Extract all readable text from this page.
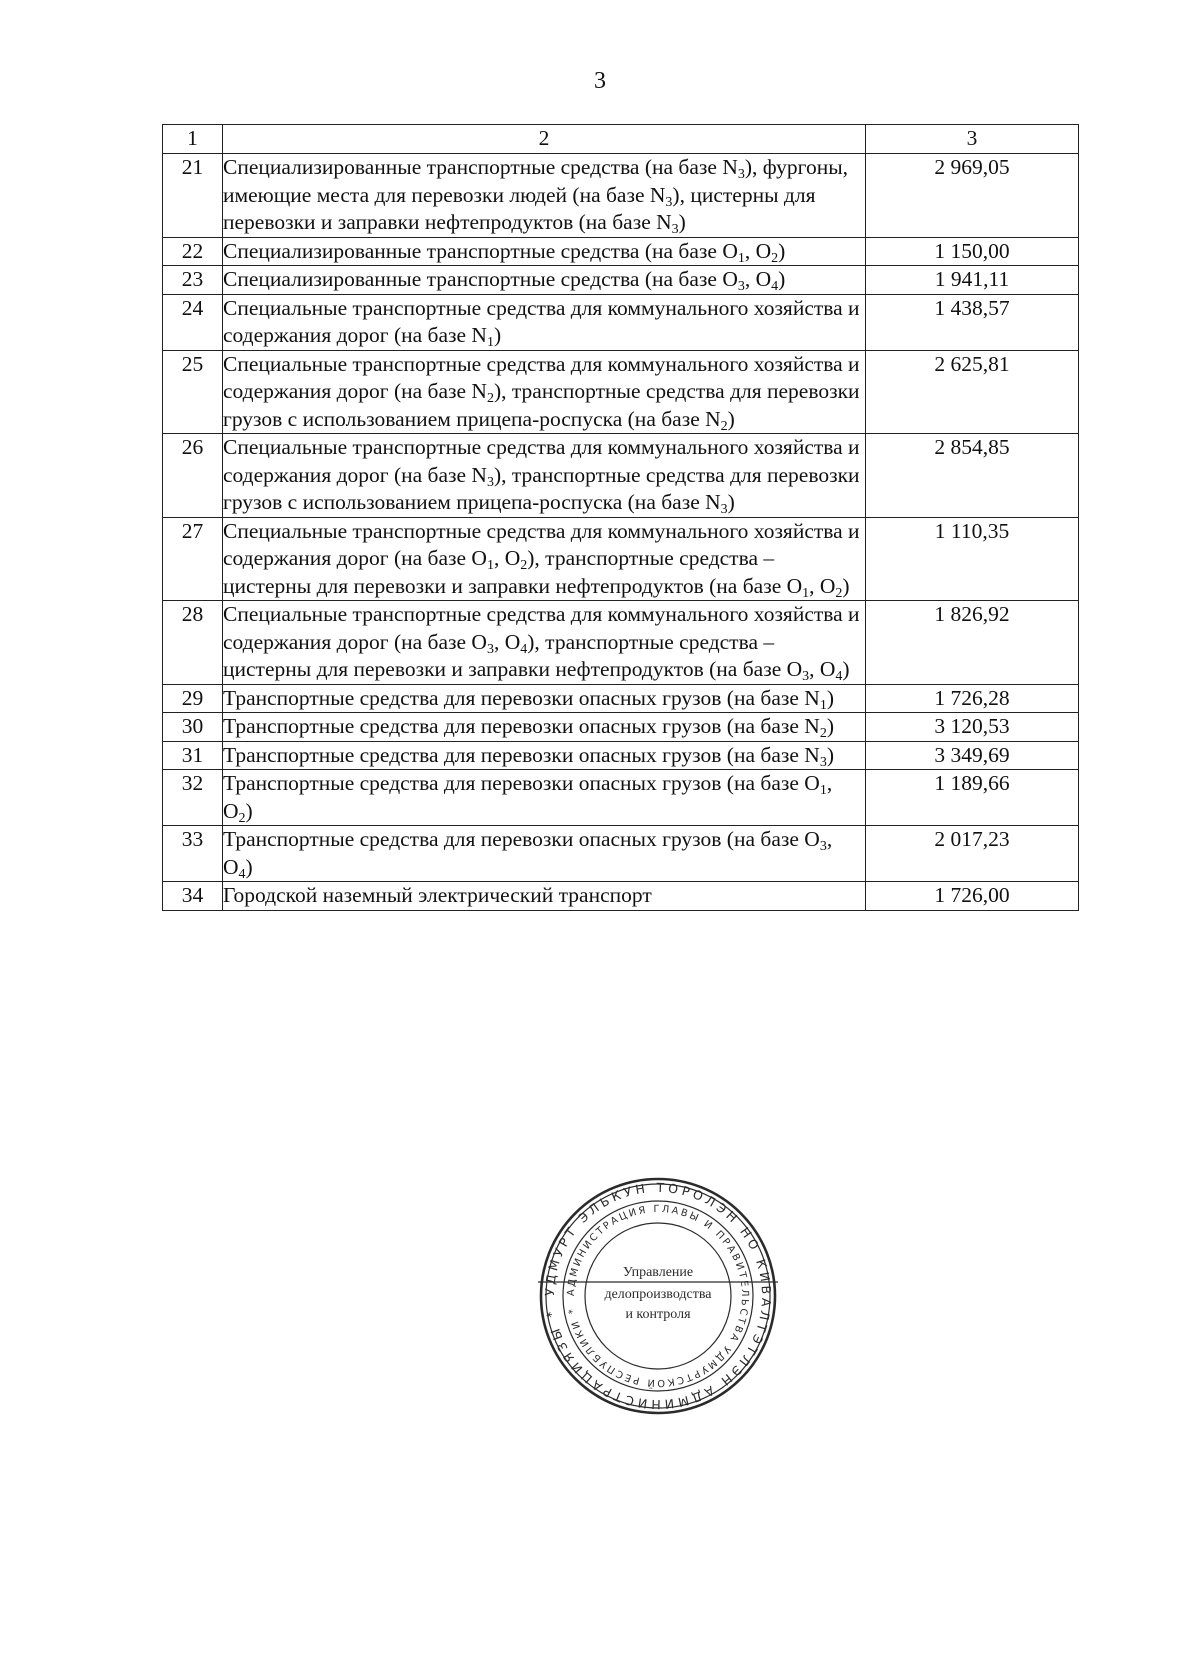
3
1	2	3
21	Специализированные транспортные средства (на базе $N_3$), фургоны, имеющие места для перевозки людей (на базе $N_3$), цистерны для перевозки и заправки нефтепродуктов (на базе $N_3$)	2 969,05
22	Специализированные транспортные средства (на базе $O_1$, $O_2$)	1 150,00
23	Специализированные транспортные средства (на базе $O_3$, $O_4$)	1 941,11
24	Специальные транспортные средства для коммунального хозяйства и содержания дорог (на базе $N_1$)	1 438,57
25	Специальные транспортные средства для коммунального хозяйства и содержания дорог (на базе $N_2$), транспортные средства для перевозки грузов с использованием прицепа-роспуска (на базе $N_2$)	2 625,81
26	Специальные транспортные средства для коммунального хозяйства и содержания дорог (на базе $N_3$), транспортные средства для перевозки грузов с использованием прицепа-роспуска (на базе $N_3$)	2 854,85
27	Специальные транспортные средства для коммунального хозяйства и содержания дорог (на базе $O_1$, $O_2$), транспортные средства – цистерны для перевозки и заправки нефтепродуктов (на базе $O_1$, $O_2$)	1 110,35
28	Специальные транспортные средства для коммунального хозяйства и содержания дорог (на базе $O_3$, $O_4$), транспортные средства – цистерны для перевозки и заправки нефтепродуктов (на базе $O_3$, $O_4$)	1 826,92
29	Транспортные средства для перевозки опасных грузов (на базе $N_1$)	1 726,28
30	Транспортные средства для перевозки опасных грузов (на базе $N_2$)	3 120,53
31	Транспортные средства для перевозки опасных грузов (на базе $N_3$)	3 349,69
32	Транспортные средства для перевозки опасных грузов (на базе $O_1$, $O_2$)	1 189,66
33	Транспортные средства для перевозки опасных грузов (на базе $O_3$, $O_4$)	2 017,23
34	Городской наземный электрический транспорт	1 726,00
УДМУРТ ЭЛЬКУН ТОРОЛЭН НО КИВАЛТЭТЛЭН АДМИНИСТРАЦИЯЗЫ *
АДМИНИСТРАЦИЯ ГЛАВЫ И ПРАВИТЕЛЬСТВА УДМУРТСКОЙ РЕСПУБЛИКИ *
Управление
делопроизводства
и контроля
